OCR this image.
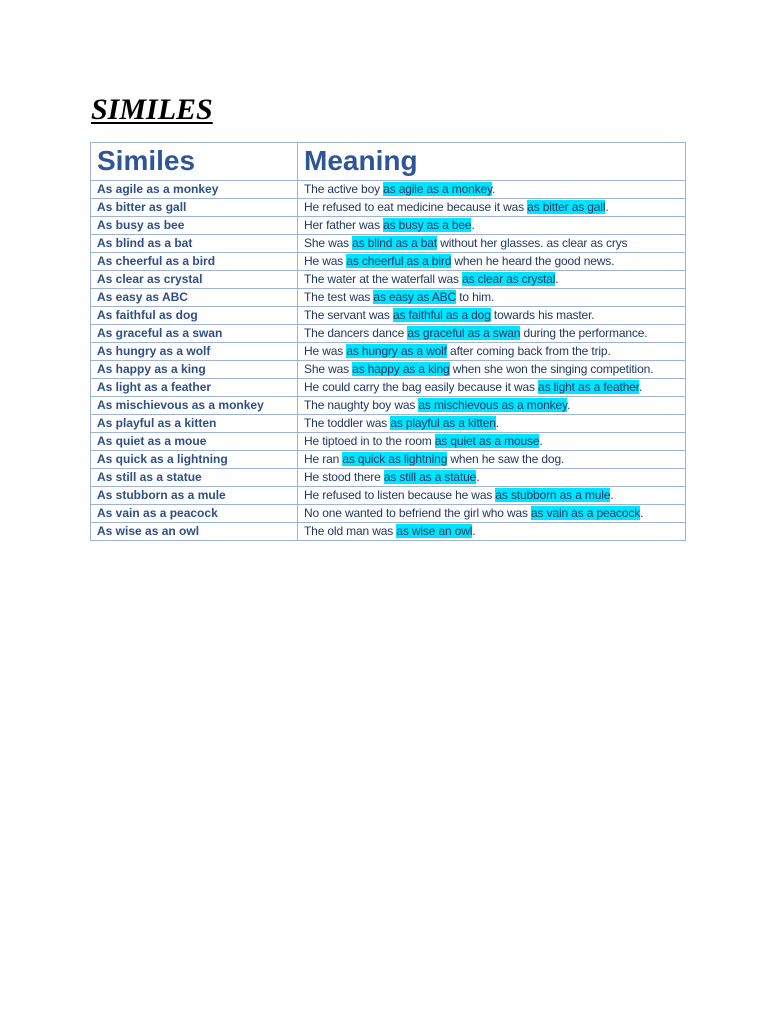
SIMILES
Similes	Meaning
As agile as a monkey	The active boy as agile as a monkey.
As bitter as gall	He refused to eat medicine because it was as bitter as gall.
As busy as bee	Her father was as busy as a bee.
As blind as a bat	She was as blind as a bat without her glasses. as clear as crys
As cheerful as a bird	He was as cheerful as a bird when he heard the good news.
As clear as crystal	The water at the waterfall was as clear as crystal.
As easy as ABC	The test was as easy as ABC to him.
As faithful as dog	The servant was as faithful as a dog towards his master.
As graceful as a swan	The dancers dance as graceful as a swan during the performance.
As hungry as a wolf	He was as hungry as a wolf after coming back from the trip.
As happy as a king	She was as happy as a king when she won the singing competition.
As light as a feather	He could carry the bag easily because it was as light as a feather.
As mischievous as a monkey	The naughty boy was as mischievous as a monkey.
As playful as a kitten	The toddler was as playful as a kitten.
As quiet as a moue	He tiptoed in to the room as quiet as a mouse.
As quick as a lightning	He ran as quick as lightning when he saw the dog.
As still as a statue	He stood there as still as a statue.
As stubborn as a mule	He refused to listen because he was as stubborn as a mule.
As vain as a peacock	No one wanted to befriend the girl who was as vain as a peacock.
As wise as an owl	The old man was as wise an owl.
